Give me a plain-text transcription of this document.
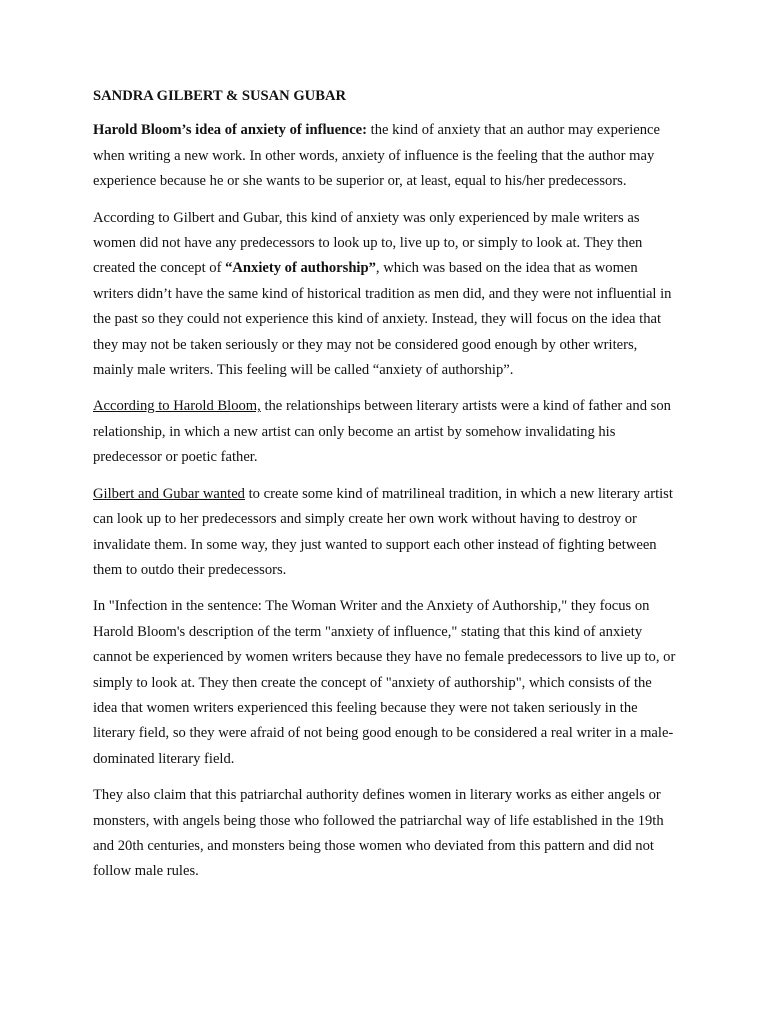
SANDRA GILBERT & SUSAN GUBAR

Harold Bloom’s idea of anxiety of influence: the kind of anxiety that an author may experience when writing a new work. In other words, anxiety of influence is the feeling that the author may experience because he or she wants to be superior or, at least, equal to his/her predecessors.

According to Gilbert and Gubar, this kind of anxiety was only experienced by male writers as women did not have any predecessors to look up to, live up to, or simply to look at. They then created the concept of “Anxiety of authorship”, which was based on the idea that as women writers didn’t have the same kind of historical tradition as men did, and they were not influential in the past so they could not experience this kind of anxiety. Instead, they will focus on the idea that they may not be taken seriously or they may not be considered good enough by other writers, mainly male writers. This feeling will be called “anxiety of authorship”.

According to Harold Bloom, the relationships between literary artists were a kind of father and son relationship, in which a new artist can only become an artist by somehow invalidating his predecessor or poetic father.

Gilbert and Gubar wanted to create some kind of matrilineal tradition, in which a new literary artist can look up to her predecessors and simply create her own work without having to destroy or invalidate them. In some way, they just wanted to support each other instead of fighting between them to outdo their predecessors.

In "Infection in the sentence: The Woman Writer and the Anxiety of Authorship," they focus on Harold Bloom's description of the term "anxiety of influence," stating that this kind of anxiety cannot be experienced by women writers because they have no female predecessors to live up to, or simply to look at. They then create the concept of "anxiety of authorship", which consists of the idea that women writers experienced this feeling because they were not taken seriously in the literary field, so they were afraid of not being good enough to be considered a real writer in a male-dominated literary field.

They also claim that this patriarchal authority defines women in literary works as either angels or monsters, with angels being those who followed the patriarchal way of life established in the 19th and 20th centuries, and monsters being those women who deviated from this pattern and did not follow male rules.
